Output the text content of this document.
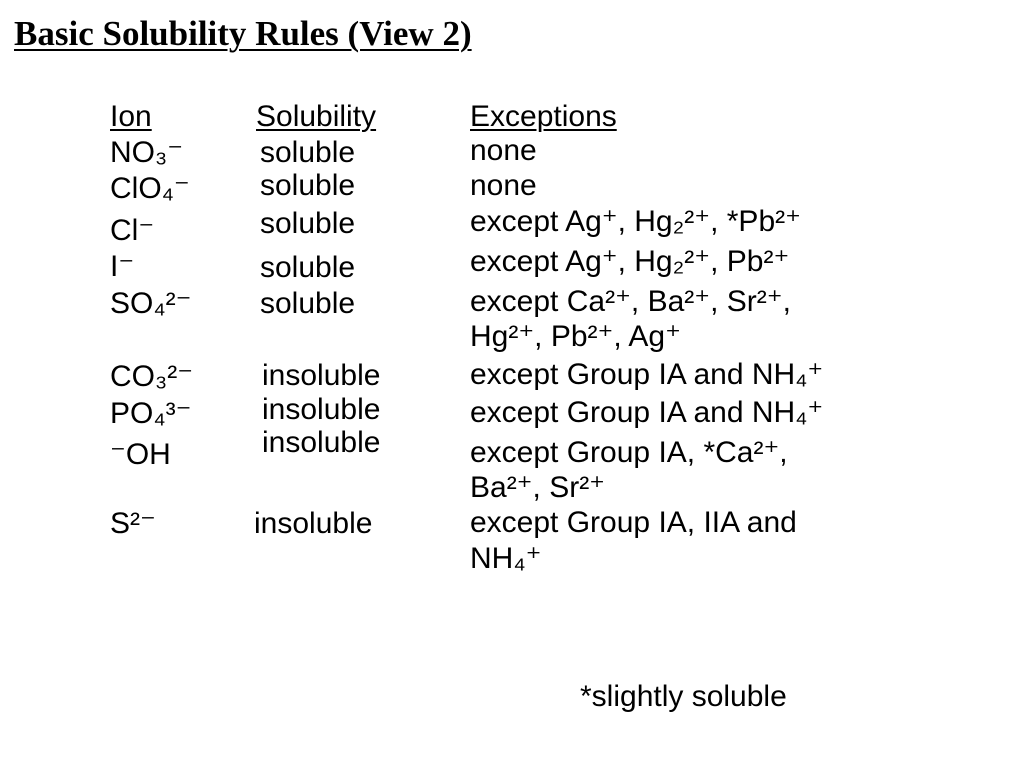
Basic Solubility Rules (View 2)
Ion	Solubility	Exceptions
NO₃⁻	soluble	none
ClO₄⁻ soluble	none
Cl⁻	soluble	except Ag⁺, Hg₂²⁺, *Pb²⁺
I⁻	soluble	except Ag⁺, Hg₂²⁺, Pb²⁺
SO₄²⁻ soluble	except Ca²⁺, Ba²⁺, Sr²⁺,
Hg²⁺, Pb²⁺, Ag⁺
CO₃²⁻ insoluble	except Group IA and NH₄⁺
PO₄³⁻ insoluble	except Group IA and NH₄⁺
⁻OH	insoluble	except Group IA, *Ca²⁺,
Ba²⁺, Sr²⁺
S²⁻	insoluble	except Group IA, IIA and
NH₄⁺
*slightly soluble
